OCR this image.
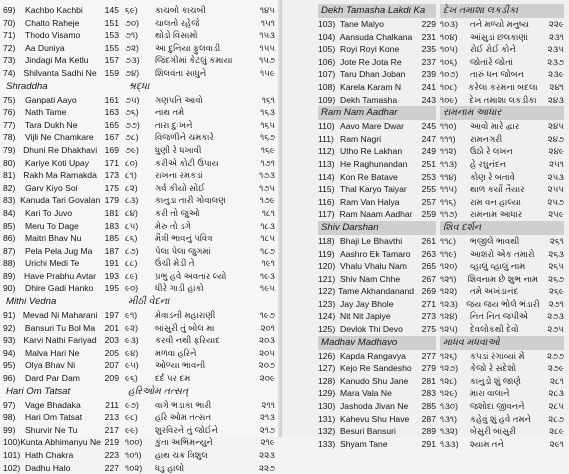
69)	Kachbo Kachbi	145
70)	Chalto Raheje	151
71)	Thodo Visamo	153
72)	Aa Duniya	155
73)	Jindagi Ma Ketlu	157
74) Shilvanta Sadhi Ne 159
Shraddha
75)	Ganpati Aayo	161
76)	Nath Tame	163
77)	Tara Dukh Ne	165
78)	Vijli Ne Chamkare	167
79) Dhuni Re Dhakhavi 169
80)	Kariye Koti Upay	171
81) Rakh Ma Ramakda 173
82)	Garv Kiyo Soi	175
83) Kanuda Tari Govalan 179
84)	Kari To Juvo	181
85)	Meru To Dage	183
86)	Maitri Bhav Nu	185
87)	Pela Pela Jug Ma	187
88)	Urichi Medi Te	191
89)	Have Prabhu Avtar	193
90)	Dhire Gadi Hanko	195
Mithi Vedna
91) Mevad Ni Maharani 197
92)	Bansuri Tu Bol Ma	201
93) Karvi Nathi Fariyad 203
94)	Malva Hari Ne	205
95)	Olya Bhav Ni	207
96)	Dard Par Dam	209
Hari Om Tatsat
97)	Vage Bhadaka	211
98)	Hari Om Tatsat	213
99)	Shurvir Ne Tu	217
100) Kunta Abhimanyu Ne 219
101) Hath Chakra	223
102) Dadhu Halo	227
૬૯)	કાચબો કાચબી	૧૪૫
૭૦)	ચાલતો રહેજે	૧૫૧
૭૧)	થોડો વિસામો	૧૫૩
૭૨)	આ દુનિયા ફુલવાડી	૧૫૫
૭૩)	જિંદગીમાં કેટલું કમાયા	૧૫૭
૭૪)	શિલવંતા સાધુને	૧૫૯
શ્રદ્ધા
૭૫)	ગણપતિ આવો	૧૬૧
૭૬)	નાથ તમે	૧૬૩
૭૭)	તારા દુઃખને	૧૬૫
૭૮)	વિજળીને ચમકારે	૧૬૭
૭૯)	ધુણી રે ધખાવી	૧૬૯
૮૦)	કરીએ કોટી ઉપાય	૧૭૧
૮૧)	રાખના રમકડાં	૧૭૩
૮૨)	ગર્વ કીયો સોઈ	૧૭૫
૮૩)	કાનુડા તારી ગોવાલણ	૧૭૯
૮૪)	કરી તો જુઓ	૧૮૧
૮૫)	મેરુ તો ડગે	૧૮૩
૮૬)	મૈત્રી ભાવનું પવિત્ર	૧૮૫
૮૭)	પેલા પેલા જુગમાં	૧૮૭
૮૮)	ઉંચી મેડી તે	૧૯૧
૮૯)	પ્રભુ હવે અવતાર લ્યો	૧૯૩
૯૦)	ધીરે ગાડી હાંકો	૧૯૫
મીઠી વેદના
૯૧)	મેવાડની મહારાણી	૧૯૭
૯૨)	બાંસુરી તું બોલ મા	૨૦૧
૯૩)	કરવી નથી ફરિયાદ	૨૦૩
૯૪)	મળવા હરિને	૨૦૫
૯૫)	ઓળ્યા ભાવની	૨૦૭
૯૬)	દર્દ પર દમ	૨૦૯
હરિઓમ તત્સત્
૯૭)	વાગે ભડાકા ભારી	૨૧૧
૯૮)	હરિ ઓમ તત્સત	૨૧૩
૯૯)	શુરવિરને તું જોઈને	૨૧૭
૧૦૦)	કુંતા અભિમન્યુને	૨૧૯
૧૦૧)	હાથ ચક્ર ત્રિશુલ	૨૨૩
૧૦૨)	ધડુ હાલો	૨૨૭
Dekh Tamasha Lakdi Ka
103) Tane Malyo	229
104) Aansuda Chalkana	231
105) Royi Royi Kone	235
106) Jote Re Jota Re	237
107) Taru Dhan Joban	239
108) Karela Karam N	241
109) Dekh Tamasha	243
Ram Nam Aadhar
110) Aavo Mare Dwar	245
111) Ram Nagri	247
112) Utho Re Lakhan	249
113) He Raghunandan	251
114) Kon Re Batave	253
115) Thal Karyo Taiyar	255
116) Ram Van Halya	257
117) Ram Naam Aadhar	259
Shiv Darshan
118) Bhaji Le Bhavthi	261
119) Aashro Ek Tamaro	263
120) Vhalu Vhalu Nam	265
121) Shiv Nam Chhe	267
122) Tame Akhandanand 269
123) Jay Jay Bhole	271
124) Nit Nit Japiye	273
125) Devlok Thi Devo	275
Madhav Madhavo
126) Kapda Rangavya	277
127) Kejo Re Sandesho	279
128) Kanudo Shu Jane	281
129) Mara Vala Ne	283
130) Jashoda Jivan Ne	285
131) Kahevu Shu Have	287
132) Besuri Bansuri	289
133) Shyam Tane	291
દેખ તમાશા લકડીકા
૧૦૩)	તને મળ્યો મનુષ્ય	૨૨૯
૧૦૪)	આંસુડાં છલકાણાં	૨૩૧
૧૦૫)	રોઈ રોઈ કોને	૨૩૫
૧૦૬)	જોતાંરે જોતાં	૨૩૭
૧૦૭)	તારું ધન જોબન	૨૩૯
૧૦૮)	કરેલા કરમના બદલા	૨૪૧
૧૦૯)	દેખ તમાશા લકડીકા	૨૪૩
રામનામ આધાર
૧૧૦)	આવો મારે દ્વાર	૨૪૫
૧૧૧)	રામનગરી	૨૪૭
૧૧૨)	ઉઠો રે લખન	૨૪૯
૧૧૩)	હે રઘુનંદન	૨૫૧
૧૧૪)	કોણ રે બતાવે	૨૫૩
૧૧૫)	થાળ કર્યો તૈયાર	૨૫૫
૧૧૬)	રામ વન હાલ્યા	૨૫૭
૧૧૭)	રામનામ આધાર	૨૫૯
શિવ દર્શન
૧૧૮)	ભજીલે ભાવથી	૨૬૧
૧૧૯)	આશરો એક તમારો	૨૬૩
૧૨૦)	વ્હાલું વ્હાલું નામ	૨૬૫
૧૨૧)	શિવનામ છે શુભ નામ	૨૬૭
૧૨૨)	તમે અખંડાનંદ	૨૬૯
૧૨૩) જય જય ભોલે ભંડારી	૨૭૧
૧૨૪)	નિત નિત જપીએ	૨૭૩
૧૨૫)	દેવલોકથી દેવો	૨૭૫
માધવ મધવાઓ
૧૨૬)	કપડાં રંગાવ્યાં મેં	૨૭૭
૧૨૭)	કેજો રે સંદેશો	૨૭૯
૧૨૮)	કાનુડો શું જાણે	૨૮૧
૧૨૯)	મારા વાલાને	૨૮૩
૧૩૦)	જશોદા જીવનને	૨૮૫
૧૩૧)	કહેવું શું હવે તમને	૨૮૭
૧૩૨)	બેસુરી બાંસુરી	૨૮૯
૧૩૩)	શ્યામ તને	૨૯૧
